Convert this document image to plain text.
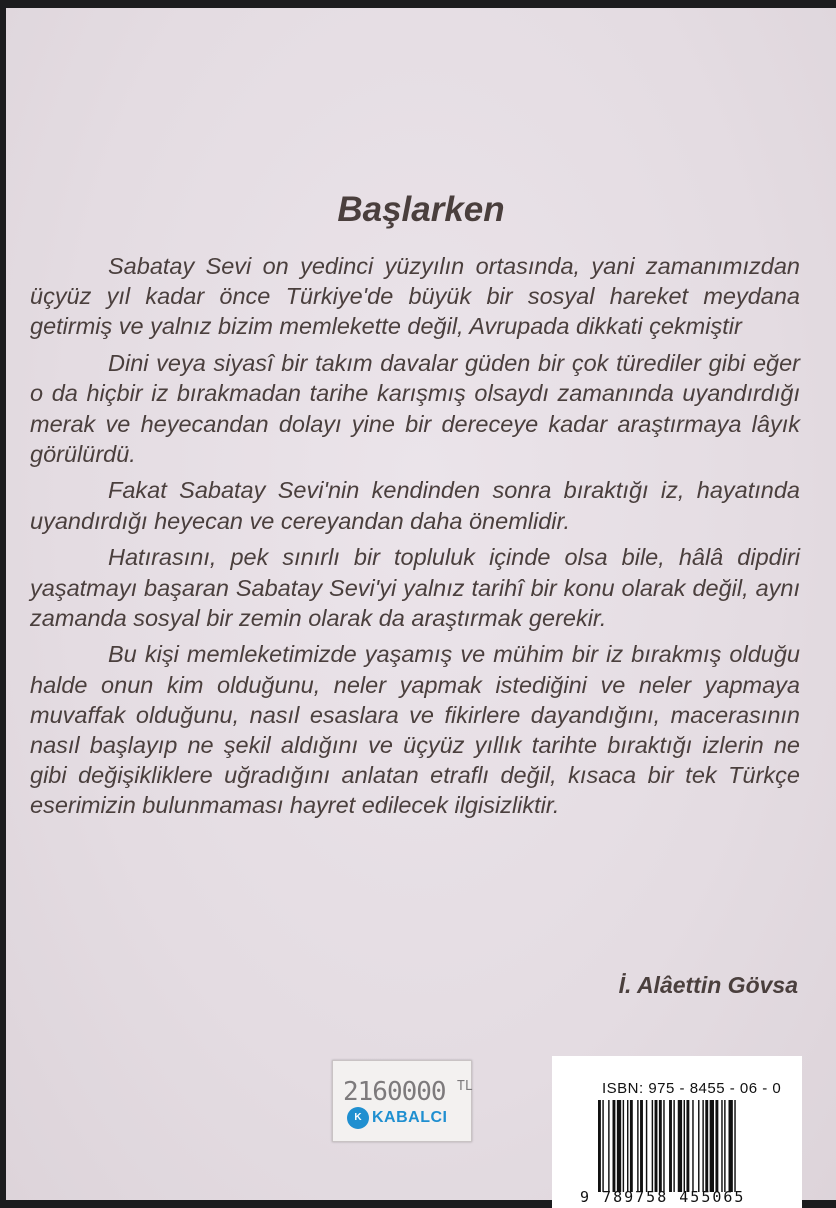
Başlarken

Sabatay Sevi on yedinci yüzyılın ortasında, yani zamanımızdan üçyüz yıl kadar önce Türkiye'de büyük bir sosyal hareket meydana getirmiş ve yalnız bizim memlekette değil, Avrupada dikkati çekmiştir

Dini veya siyasî bir takım davalar güden bir çok türediler gibi eğer o da hiçbir iz bırakmadan tarihe karışmış olsaydı zamanında uyandırdığı merak ve heyecandan dolayı yine bir dereceye kadar araştırmaya lâyık görülürdü.

Fakat Sabatay Sevi'nin kendinden sonra bıraktığı iz, hayatında uyandırdığı heyecan ve cereyandan daha önemlidir.

Hatırasını, pek sınırlı bir topluluk içinde olsa bile, hâlâ dipdiri yaşatmayı başaran Sabatay Sevi'yi yalnız tarihî bir konu olarak değil, aynı zamanda sosyal bir zemin olarak da araştırmak gerekir.

Bu kişi memleketimizde yaşamış ve mühim bir iz bırakmış olduğu halde onun kim olduğunu, neler yapmak istediğini ve neler yapmaya muvaffak olduğunu, nasıl esaslara ve fikirlere dayandığını, macerasının nasıl başlayıp ne şekil aldığını ve üçyüz yıllık tarihte bıraktığı izlerin ne gibi değişikliklere uğradığını anlatan etraflı değil, kısaca bir tek Türkçe eserimizin bulunmaması hayret edilecek ilgisizliktir.

İ. Alâettin Gövsa
2160000 TL
K KABALCI
ISBN: 975 - 8455 - 06 - 0
9 789758 455065
